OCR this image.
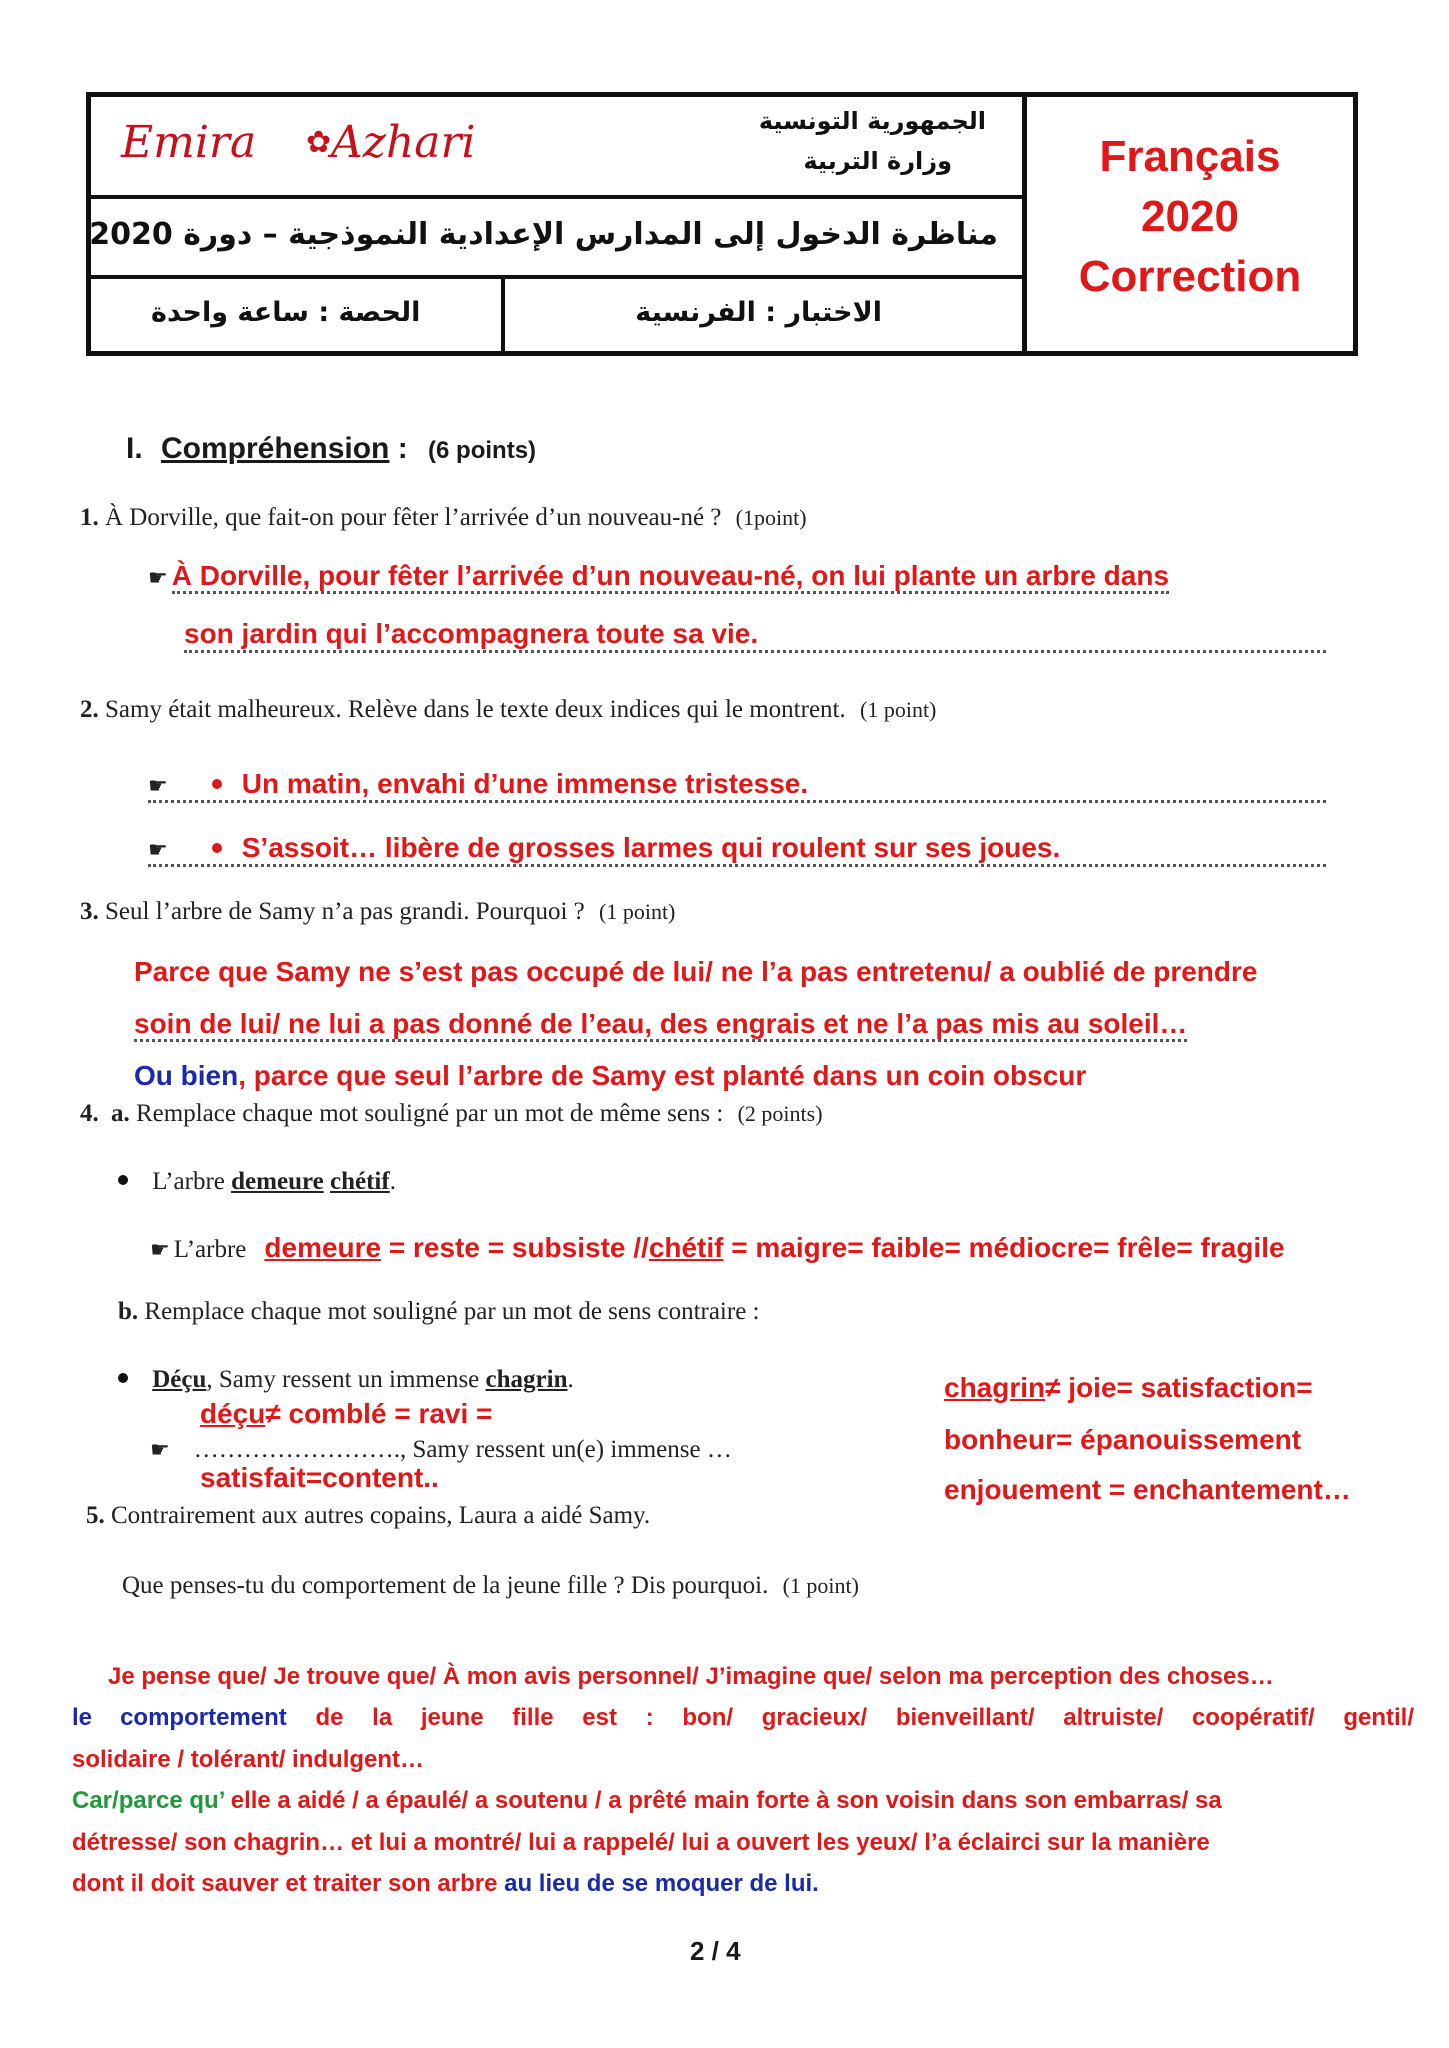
Emira ✿ Azhari	الجمهورية التونسية
وزارة التربية
مناظرة الدخول إلى المدارس الإعدادية النموذجية – دورة 2020
الاختبار : الفرنسية
الحصة : ساعة واحدة
Français
2020
Correction
I. Compréhension : (6 points)
1. À Dorville, que fait-on pour fêter l’arrivée d’un nouveau-né ? (1point)
☛ À Dorville, pour fêter l’arrivée d’un nouveau-né, on lui plante un arbre dans
son jardin qui l’accompagnera toute sa vie.
2. Samy était malheureux. Relève dans le texte deux indices qui le montrent. (1 point)
☛	Un matin, envahi d’une immense tristesse.
☛	S’assoit… libère de grosses larmes qui roulent sur ses joues.
3. Seul l’arbre de Samy n’a pas grandi. Pourquoi ? (1 point)
Parce que Samy ne s’est pas occupé de lui/ ne l’a pas entretenu/ a oublié de prendre
soin de lui/ ne lui a pas donné de l’eau, des engrais et ne l’a pas mis au soleil…
Ou bien, parce que seul l’arbre de Samy est planté dans un coin obscur
4. a. Remplace chaque mot souligné par un mot de même sens : (2 points)
L’arbre demeure chétif.
☛ L’arbre demeure = reste = subsiste //chétif = maigre= faible= médiocre= frêle= fragile
b. Remplace chaque mot souligné par un mot de sens contraire :
Déçu, Samy ressent un immense chagrin.
déçu≠ comblé = ravi =
☛ ……………………., Samy ressent un(e) immense …
satisfait=content..
chagrin≠ joie= satisfaction=
bonheur= épanouissement
enjouement = enchantement…
5. Contrairement aux autres copains, Laura a aidé Samy.
Que penses-tu du comportement de la jeune fille ? Dis pourquoi. (1 point)

Je pense que/ Je trouve que/ À mon avis personnel/ J’imagine que/ selon ma perception des choses…

le comportement de la jeune fille est : bon/ gracieux/ bienveillant/ altruiste/ coopératif/ gentil/

solidaire / tolérant/ indulgent…

Car/parce qu’ elle a aidé / a épaulé/ a soutenu / a prêté main forte à son voisin dans son embarras/ sa

détresse/ son chagrin… et lui a montré/ lui a rappelé/ lui a ouvert les yeux/ l’a éclairci sur la manière

dont il doit sauver et traiter son arbre au lieu de se moquer de lui.

2 / 4
